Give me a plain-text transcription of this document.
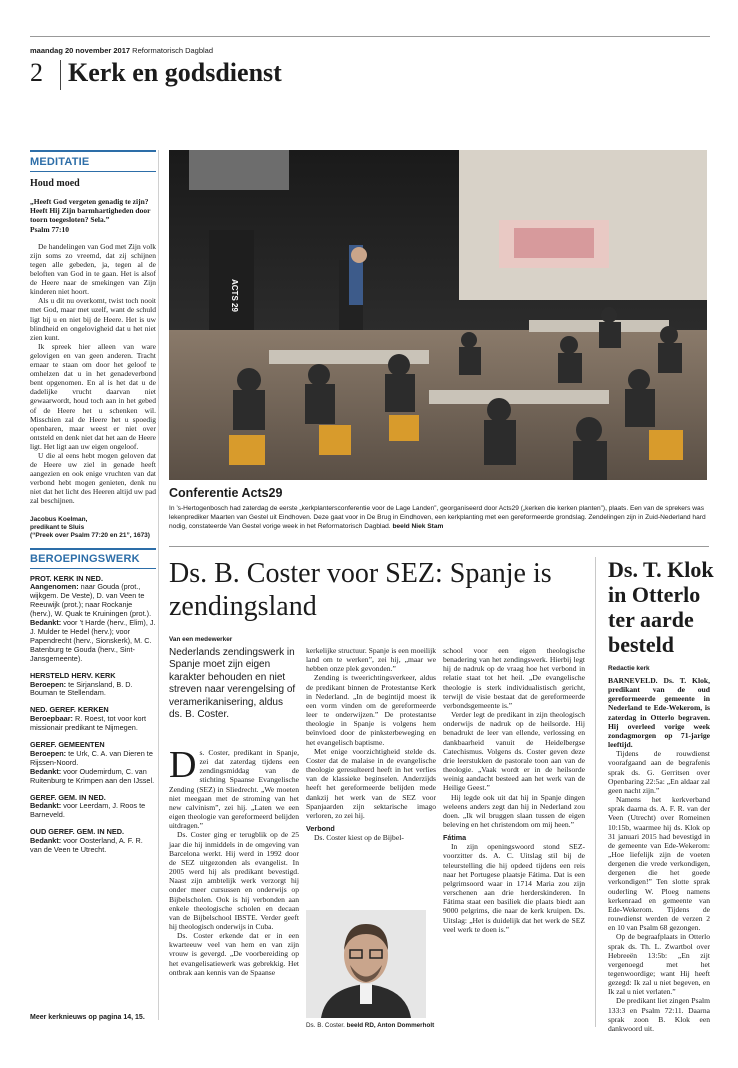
maandag 20 november 2017 Reformatorisch Dagblad
2 Kerk en godsdienst
MEDITATIE
Houd moed
„Heeft God vergeten genadig te zijn? Heeft Hij Zijn barmhartigheden door toorn toegesloten? Sela.”
Psalm 77:10

De handelingen van God met Zijn volk zijn soms zo vreemd, dat zij schijnen tegen alle gebeden, ja, tegen al de beloften van God in te gaan. Het is alsof de Heere naar de smekingen van Zijn kinderen niet hoort.

Als u dit nu overkomt, twist toch nooit met God, maar met uzelf, want de schuld ligt bij u en niet bij de Heere. Het is uw blindheid en ongelovigheid dat u het niet zien kunt.

Ik spreek hier alleen van ware gelovigen en van geen anderen. Tracht ernaar te staan om door het geloof te omhelzen dat u in het genadeverbond bent opgenomen. En al is het dat u de dadelijke vrucht daarvan niet gewaarwordt, houd toch aan in het gebed of de Heere het u schenken wil. Misschien zal de Heere het u spoedig openbaren, maar weest er niet over ontsteld en denk niet dat het aan de Heere ligt. Het ligt aan uw eigen ongeloof.

U die al eens hebt mogen geloven dat de Heere uw ziel in genade heeft aangezien en ook enige vruchten van dat verbond hebt mogen genieten, denk nu niet dat het licht des Heeren altijd uw pad zal beschijnen.

Jacobus Koelman,
predikant te Sluis
(“Preek over Psalm 77:20 en 21”, 1673)
BEROEPINGSWERK
PROT. KERK IN NED.
Aangenomen: naar Gouda (prot., wijkgem. De Veste), D. van Veen te Reeuwijk (prot.); naar Rockanje (herv.), W. Quak te Kruiningen (prot.).
Bedankt: voor ’t Harde (herv., Elim), J. J. Mulder te Hedel (herv.); voor Papendrecht (herv., Sionskerk), M. C. Batenburg te Gouda (herv., Sint-Jansgemeente).
HERSTELD HERV. KERK
Beroepen: te Sirjansland, B. D. Bouman te Stellendam.
NED. GEREF. KERKEN
Beroepbaar: R. Roest, tot voor kort missionair predikant te Nijmegen.
GEREF. GEMEENTEN
Beroepen: te Urk, C. A. van Dieren te Rijssen-Noord.
Bedankt: voor Oudemirdum, C. van Ruitenburg te Krimpen aan den IJssel.
GEREF. GEM. IN NED.
Bedankt: voor Leerdam, J. Roos te Barneveld.
OUD GEREF. GEM. IN NED.
Bedankt: voor Oosterland, A. F. R. van de Veen te Utrecht.
Meer kerknieuws op pagina 14, 15.
ACTS 29
Conferentie Acts29
In ’s-Hertogenbosch had zaterdag de eerste „kerkplantersconferentie voor de Lage Landen”, georganiseerd door Acts29 („kerken die kerken planten”), plaats. Een van de sprekers was lekenprediker Maarten van Gestel uit Eindhoven. Deze gaat voor in De Brug in Eindhoven, een kerkplanting met een gereformeerde grondslag. Zendelingen zijn in Zuid-Nederland hard nodig, constateerde Van Gestel vorige week in het Reformatorisch Dagblad. beeld Niek Stam
Ds. B. Coster voor SEZ: Spanje is zendingsland
Van een medewerker
Nederlands zendingswerk in Spanje moet zijn eigen karakter behouden en niet streven naar verengelsing of veramerikanisering, aldus ds. B. Coster.

Ds. Coster, predikant in Spanje, zei dat zaterdag tijdens een zendingsmiddag van de stichting Spaanse Evangelische Zending (SEZ) in Sliedrecht. „We moeten niet meegaan met de stroming van het new calvinism”, zei hij. „Laten we een eigen theologie van gereformeerd belijden uitdragen.”

Ds. Coster ging er terugblik op de 25 jaar die hij inmiddels in de omgeving van Barcelona werkt. Hij werd in 1992 door de SEZ uitgezonden als evangelist. In 2005 werd hij als predikant bevestigd. Naast zijn ambtelijk werk verzorgt hij onder meer cursussen en onderwijs op Bijbelscholen. Ook is hij verbonden aan enkele theologische scholen en decaan van de Bijbelschool IBSTE. Verder geeft hij theologisch onderwijs in Cuba.

Ds. Coster erkende dat er in een kwarteeuw veel van hem en van zijn vrouw is gevergd. „De voorbereiding op het evangelisatiewerk was gebrekkig. Het ontbrak aan kennis van de Spaanse

kerkelijke structuur. Spanje is een moeilijk land om te werken”, zei hij, „maar we hebben onze plek gevonden.”

Zending is tweerichtingsverkeer, aldus de predikant binnen de Protestantse Kerk in Nederland. „In de begintijd moest ik een vorm vinden om de gereformeerde leer te onderwijzen.” De protestantse theologie in Spanje is volgens hem beïnvloed door de pinksterbeweging en het evangelisch baptisme.

Met enige voorzichtigheid stelde ds. Coster dat de malaise in de evangelische theologie geresulteerd heeft in het verlies van de klassieke beginselen. Anderzijds heeft het gereformeerde belijden mede dankzij het werk van de SEZ voor Spanjaarden zijn sektarische imago verloren, zo zei hij.

Verbond

Ds. Coster kiest op de Bijbel-

Ds. B. Coster. beeld RD, Anton Dommerholt

school voor een eigen theologische benadering van het zendingswerk. Hierbij legt hij de nadruk op de vraag hoe het verbond in relatie staat tot het heil. „De evangelische theologie is sterk individualistisch gericht, terwijl de visie bestaat dat de gereformeerde verbondsgemeente is.”

Verder legt de predikant in zijn theologisch onderwijs de nadruk op de heilsorde. Hij benadrukt de leer van ellende, verlossing en dankbaarheid vanuit de Heidelbergse Catechismus. Volgens ds. Coster geven deze drie leerstukken de pastorale toon aan van de theologie. „Vaak wordt er in de heilsorde weinig aandacht besteed aan het werk van de Heilige Geest.”

Hij legde ook uit dat hij in Spanje dingen weleens anders zegt dan hij in Nederland zou doen. „Ik wil bruggen slaan tussen de eigen beleving en het christendom om mij heen.”

Fátima

In zijn openingswoord stond SEZ-voorzitter ds. A. C. Uitslag stil bij de teleurstelling die hij opdeed tijdens een reis naar het Portugese plaatsje Fátima. Dat is een pelgrimsoord waar in 1714 Maria zou zijn verschenen aan drie herderskinderen. In Fátima staat een basiliek die plaats biedt aan 9000 pelgrims, die naar de kerk kruipen. Ds. Uitslag: „Het is duidelijk dat het werk de SEZ veel werk te doen is.”

Ds. T. Klok in Otterlo ter aarde besteld
Redactie kerk

BARNEVELD. Ds. T. Klok, predikant van de oud gereformeerde gemeente in Nederland te Ede-Wekerom, is zaterdag in Otterlo begraven. Hij overleed vorige week zondagmorgen op 71-jarige leeftijd.

Tijdens de rouwdienst voorafgaand aan de begrafenis sprak ds. G. Gerritsen over Openbaring 22:5a: „En aldaar zal geen nacht zijn.”

Namens het kerkverband sprak daarna ds. A. F. R. van der Veen (Utrecht) over Romeinen 10:15b, waarmee hij ds. Klok op 31 januari 2015 had bevestigd in de gemeente van Ede-Wekerom: „Hoe liefelijk zijn de voeten dergenen die vrede verkondigen, dergenen die het goede verkondigen!” Ten slotte sprak ouderling W. Ploeg namens kerkenraad en gemeente van Ede-Wekerom. Tijdens de rouwdienst werden de verzen 2 en 10 van Psalm 68 gezongen.

Op de begraafplaats in Otterlo sprak ds. Th. L. Zwartbol over Hebreeën 13:5b: „En zijt vergenoegd met het tegenwoordige; want Hij heeft gezegd: Ik zal u niet begeven, en Ik zal u niet verlaten.”

De predikant liet zingen Psalm 133:3 en Psalm 72:11. Daarna sprak zoon B. Klok een dankwoord uit.
